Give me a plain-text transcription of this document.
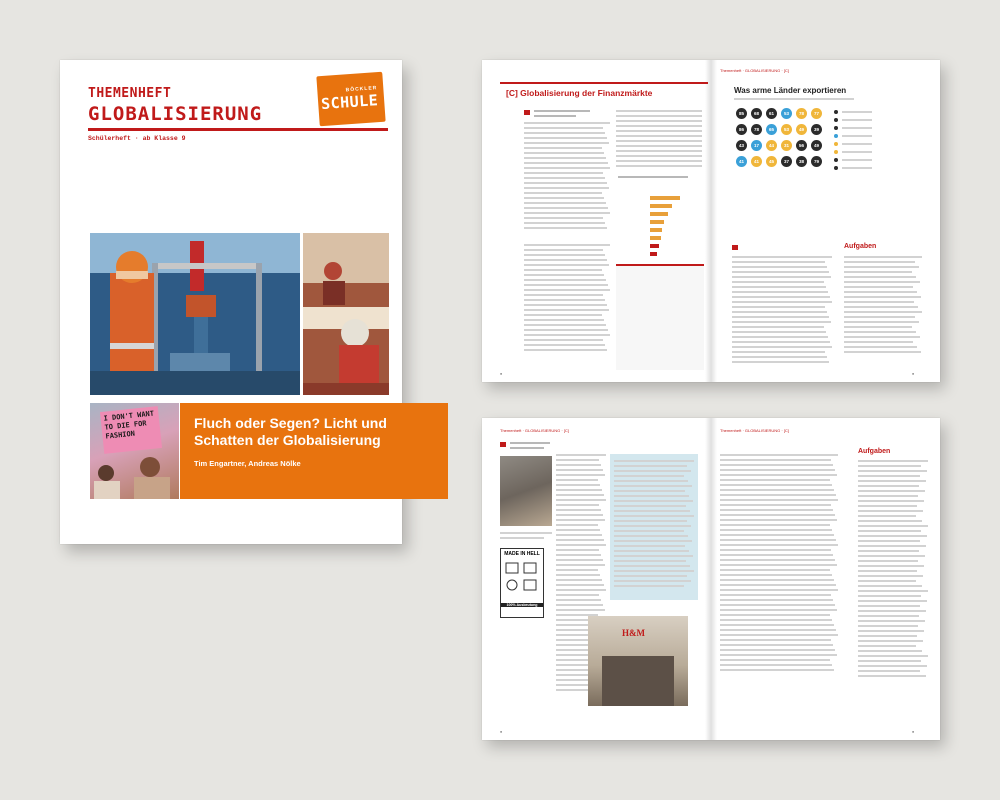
THEMENHEFT
GLOBALISIERUNG
Schülerheft · ab Klasse 9
BÖCKLER
SCHULE
I DON'T WANT TO DIE FOR FASHION
Fluch oder Segen? Licht und Schatten der Globalisierung
Tim Engartner, Andreas Nölke
[C] Globalisierung der Finanzmärkte
■
Themenheft · GLOBALISIERUNG · [C]
Was arme Länder exportieren
85	68	61	53	78	77
86	78	65	53	49	39
43	17	44	31	56	49
41	41	45	37	38	79
Aufgaben
■
Themenheft · GLOBALISIERUNG · [C]
MADE IN HELL
100% Ausbeutung
H&M
■
Themenheft · GLOBALISIERUNG · [C]
Aufgaben
■
